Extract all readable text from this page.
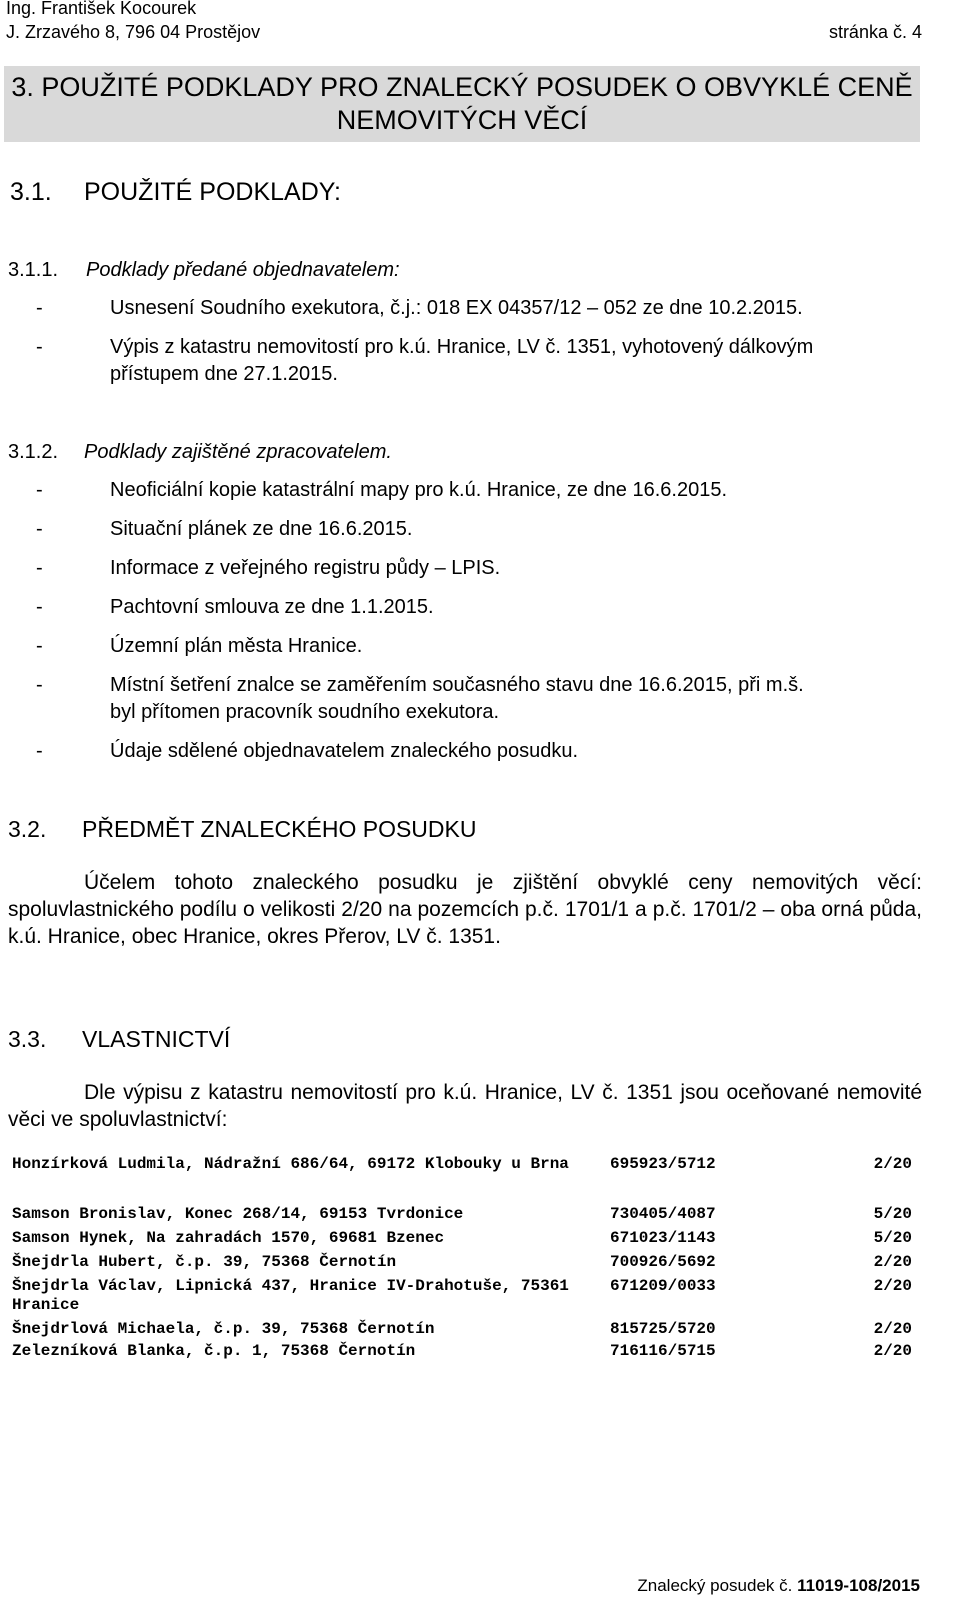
Ing. František Kocourek
J. Zrzavého 8, 796 04 Prostějov	stránka č. 4
3. POUŽITÉ PODKLADY PRO ZNALECKÝ POSUDEK O OBVYKLÉ CENĚ NEMOVITÝCH VĚCÍ
3.1. POUŽITÉ PODKLADY:
3.1.1. Podklady předané objednavatelem:
-	Usnesení Soudního exekutora, č.j.: 018 EX 04357/12 – 052 ze dne 10.2.2015.
-	Výpis z katastru nemovitostí pro k.ú. Hranice, LV č. 1351, vyhotovený dálkovým
přístupem dne 27.1.2015.
3.1.2. Podklady zajištěné zpracovatelem.
-	Neoficiální kopie katastrální mapy pro k.ú. Hranice, ze dne 16.6.2015.
-	Situační plánek ze dne 16.6.2015.
-	Informace z veřejného registru půdy – LPIS.
-	Pachtovní smlouva ze dne 1.1.2015.
-	Územní plán města Hranice.
-	Místní šetření znalce se zaměřením současného stavu dne 16.6.2015, při m.š.
byl přítomen pracovník soudního exekutora.
-	Údaje sdělené objednavatelem znaleckého posudku.
3.2. PŘEDMĚT ZNALECKÉHO POSUDKU
Účelem tohoto znaleckého posudku je zjištění obvyklé ceny nemovitých věcí: spoluvlastnického podílu o velikosti 2/20 na pozemcích p.č. 1701/1 a p.č. 1701/2 – oba orná půda, k.ú. Hranice, obec Hranice, okres Přerov, LV č. 1351.
3.3. VLASTNICTVÍ
Dle výpisu z katastru nemovitostí pro k.ú. Hranice, LV č. 1351 jsou oceňované nemovité věci ve spoluvlastnictví:
Honzírková Ludmila, Nádražní 686/64, 69172 Klobouky u Brna	695923/5712	2/20
Samson Bronislav, Konec 268/14, 69153 Tvrdonice	730405/4087	5/20
Samson Hynek, Na zahradách 1570, 69681 Bzenec	671023/1143	5/20
Šnejdrla Hubert, č.p. 39, 75368 Černotín	700926/5692	2/20
Šnejdrla Václav, Lipnická 437, Hranice IV-Drahotuše, 75361 Hranice
671209/0033	2/20
Šnejdrlová Michaela, č.p. 39, 75368 Černotín	815725/5720	2/20
Zelezníková Blanka, č.p. 1, 75368 Černotín	716116/5715	2/20
Znalecký posudek č. 11019-108/2015
